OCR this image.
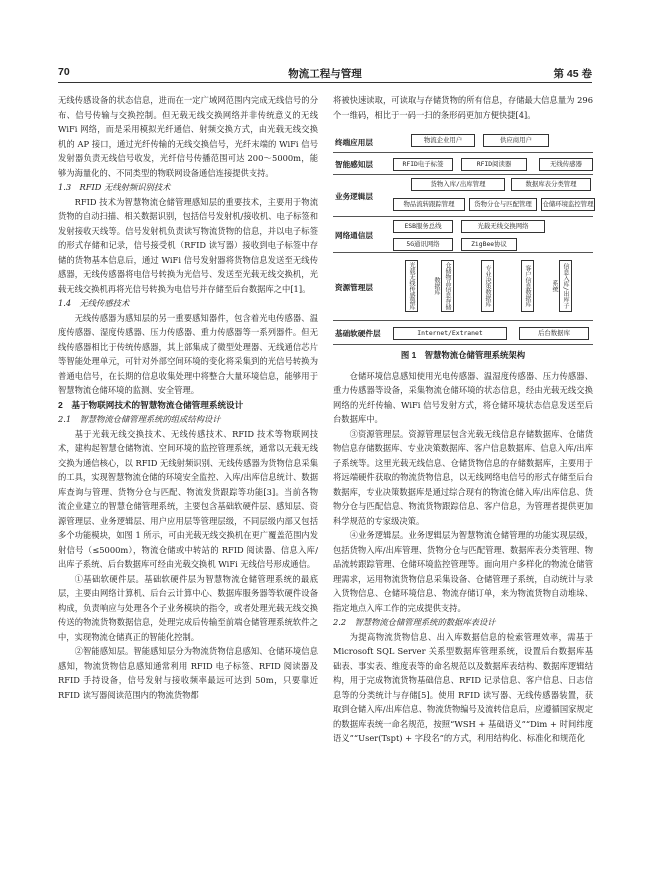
70	物流工程与管理	第 45 卷

无线传感设备的状态信息，进而在一定广域网范围内完成无线信号的分布、信号传输与交换控制。但无载无线交换网络并非传统意义的无线 WiFi 网络，而是采用模拟光纤通信、射频交换方式，由光载无线交换机的 AP 接口，通过光纤传输的无线交换信号，光纤末端的 WiFi 信号发射器负责无线信号收发，光纤信号传播范围可达 200～5000m，能够为海量化的、不同类型的物联网设备通信连接提供支持。

1.3　RFID 无线射频识别技术

RFID 技术为智慧物流仓储管理感知层的重要技术，主要用于物流货物的自动扫描、相关数据识别，包括信号发射机/接收机、电子标签和发射接收天线等。信号发射机负责读写物流货物的信息，并以电子标签的形式存储和记录，信号接受机（RFID 读写器）接收到电子标签中存储的货物基本信息后，通过 WiFi 信号发射器将货物信息发送至无线传感器，无线传感器将电信号转换为光信号、发送至光载无线交换机，光载无线交换机再将光信号转换为电信号并存储至后台数据库之中[1]。

1.4　无线传感技术

无线传感器为感知层的另一重要感知器件，包含着光电传感器、温度传感器、湿度传感器、压力传感器、重力传感器等一系列器件。但无线传感器相比于传统传感器，其上部集成了微型处理器、无线通信芯片等智能处理单元，可针对外部空间环境的变化将采集到的光信号转换为普通电信号，在长期的信息收集处理中将整合大量环境信息，能够用于智慧物流仓储环境的监测、安全管理。

2　基于物联网技术的智慧物流仓储管理系统设计

2.1　智慧物流仓储管理系统的组成结构设计

基于光载无线交换技术、无线传感技术、RFID 技术等物联网技术，建构起智慧仓储物流、空间环境的监控管理系统，通常以无载无线交换为通信核心，以 RFID 无线射频识别、无线传感器为货物信息采集的工具，实现智慧物流仓储的环境安全监控、入库/出库信息统计、数据库查询与管理、货物分仓与匹配、物流发货跟踪等功能[3]。当前各物流企业建立的智慧仓储管理系统，主要包含基础软硬件层、感知层、资源管理层、业务逻辑层、用户应用层等管理层级，不同层级内部又包括多个功能模块，如图 1 所示，可由光载无线交换机在更广覆盖范围内发射信号（≤5000m），物流仓储或中转站的 RFID 阅读器、信息入库/出库子系统、后台数据库可经由光载交换机 WiFi 无线信号形成通信。

①基础软硬件层。基础软硬件层为智慧物流仓储管理系统的最底层，主要由网络计算机、后台云计算中心、数据库服务器等软硬件设备构成，负责响应与处理各个子业务模块的指令，或者处理光载无线交换传送的物流货物数据信息，处理完成后传输至前端仓储管理系统软件之中，实现物流仓储真正的智能化控制。

②智能感知层。智能感知层分为物流货物信息感知、仓储环境信息感知，物流货物信息感知通常利用 RFID 电子标签、RFID 阅读器及 RFID 手持设备，信号发射与接收频率最远可达到 50m，只要靠近 RFID 读写器阅读范围内的物流货物都

将被快速读取，可读取与存储货物的所有信息，存储最大信息量为 296 个一维码，相比于一码一扫的条形码更加方便快捷[4]。

终端应用层	物流企业用户	供应商用户
智能感知层	RFID电子标签	RFID阅读器	无线传感器
业务逻辑层
货物入库/出库管理	数据库表分类管理
物品流转跟踪管理	货物分仓与匹配管理	仓储环境监控管理
网络通信层
ESB服务总线	光载无线交换网络
5G通讯网络	ZigBee协议
资源管理层	光载无线传感器库	仓储物品信息存储数据库	专业决策数据库	客户信息数据库	信息入库/出库子系统
基础软硬件层	Internet/Extranet	后台数据库
图 1　智慧物流仓储管理系统架构

仓储环境信息感知使用光电传感器、温湿度传感器、压力传感器、重力传感器等设备，采集物流仓储环境的状态信息，经由光载无线交换网络的光纤传输、WiFi 信号发射方式，将仓储环境状态信息发送至后台数据库中。

③资源管理层。资源管理层包含光载无线信息存储数据库、仓储货物信息存储数据库、专业决策数据库、客户信息数据库、信息入库/出库子系统等。这里光载无线信息、仓储货物信息的存储数据库，主要用于将远端硬件获取的物流货物信息，以无线网络电信号的形式存储至后台数据库，专业决策数据库是通过综合现有的物流仓储入库/出库信息、货物分仓与匹配信息、物流货物跟踪信息、客户信息，为管理者提供更加科学规范的专家级决策。

④业务逻辑层。业务逻辑层为智慧物流仓储管理的功能实现层级，包括货物入库/出库管理、货物分仓与匹配管理、数据库表分类管理、物品流转跟踪管理、仓储环境监控管理等。面向用户多样化的物流仓储管理需求，运用物流货物信息采集设备、仓储管理子系统，自动统计与录入货物信息、仓储环境信息、物流存储订单，来为物流货物自动堆垛、指定地点入库工作的完成提供支持。

2.2　智慧物流仓储管理系统的数据库表设计

为提高物流货物信息、出入库数据信息的检索管理效率，需基于 Microsoft SQL Server 关系型数据库管理系统，设置后台数据库基础表、事实表、维度表等的命名规范以及数据库表结构、数据库逻辑结构，用于完成物流货物基础信息、RFID 记录信息、客户信息、日志信息等的分类统计与存储[5]。使用 RFID 读写器、无线传感器装置，获取到仓储入库/出库信息、物流货物编号及流转信息后，应遵循国家规定的数据库表统一命名规范，按照“WSH + 基础语义”“Dim + 时间纬度语义”“User(Tspt) + 字段名”的方式，利用结构化、标准化和规范化
